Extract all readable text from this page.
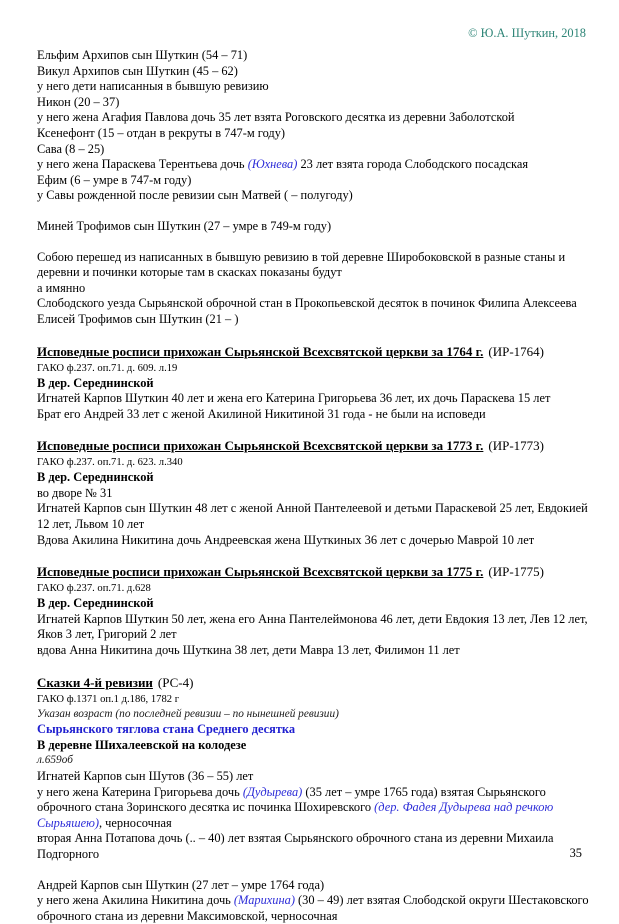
© Ю.А. Шуткин, 2018
Ельфим Архипов сын Шуткин (54 – 71)
Викул Архипов сын Шуткин (45 – 62)
у него дети написанныя в бывшую ревизию
Никон (20 – 37)
у него жена Агафия Павлова дочь 35 лет взята Роговского десятка из деревни Заболотской
Ксенефонт (15 – отдан в рекруты в 747-м году)
Сава (8 – 25)
у него жена Параскева Терентьева дочь (Юхнева) 23 лет взята города Слободского посадская
Ефим (6 – умре в 747-м году)
у Савы рожденной после ревизии сын Матвей ( – полугоду)
Миней Трофимов сын Шуткин (27 – умре в 749-м году)
Собою перешед из написанных в бывшую ревизию в той деревне Широбоковской в разные станы и деревни и починки которые там в скасках показаны будут
а имянно
Слободского уезда Сырьянской оброчной стан в Прокопьевской десяток в починок Филипа Алексеева
Елисей Трофимов сын Шуткин (21 – )
Исповедные росписи прихожан Сырьянской Всехсвятской церкви за 1764 г. (ИР-1764)
ГАКО ф.237. оп.71. д. 609. л.19
В дер. Середнинской
Игнатей Карпов Шуткин 40 лет и жена его Катерина Григорьева 36 лет, их дочь Параскева 15 лет
Брат его Андрей 33 лет с женой Акилиной Никитиной 31 года - не были на исповеди
Исповедные росписи прихожан Сырьянской Всехсвятской церкви за 1773 г. (ИР-1773)
ГАКО ф.237. оп.71. д. 623. л.340
В дер. Середнинской
во дворе № 31
Игнатей Карпов сын Шуткин 48 лет с женой Анной Пантелеевой и детьми Параскевой 25 лет, Евдокией 12 лет, Львом 10 лет
Вдова Акилина Никитина дочь Андреевская жена Шуткиных 36 лет с дочерью Маврой 10 лет
Исповедные росписи прихожан Сырьянской Всехсвятской церкви за 1775 г. (ИР-1775)
ГАКО ф.237. оп.71. д.628
В дер. Середнинской
Игнатей Карпов Шуткин 50 лет, жена его Анна Пантелеймонова 46 лет, дети Евдокия 13 лет, Лев 12 лет, Яков 3 лет, Григорий 2 лет
вдова Анна Никитина дочь Шуткина 38 лет, дети Мавра 13 лет, Филимон 11 лет
Сказки 4-й ревизии (РС-4)
ГАКО ф.1371 оп.1 д.186, 1782 г
Указан возраст (по последней ревизии – по нынешней ревизии)
Сырьянского тяглова стана Среднего десятка
В деревне Шихалеевской на колодезе
л.659об
Игнатей Карпов сын Шутов (36 – 55) лет
у него жена Катерина Григорьева дочь (Дудырева) (35 лет – умре 1765 года) взятая Сырьянского оброчного стана Зоринского десятка ис починка Шохиревского (дер. Фадея Дудырева над речкою Сырьяшею), черносочная
вторая Анна Потапова дочь (.. – 40) лет взятая Сырьянского оброчного стана из деревни Михаила Подгорного
Андрей Карпов сын Шуткин (27 лет – умре 1764 года)
у него жена Акилина Никитина дочь (Марихина) (30 – 49) лет взятая Слободской округи Шестаковского оброчного стана из деревни Максимовской, черносочная
35
